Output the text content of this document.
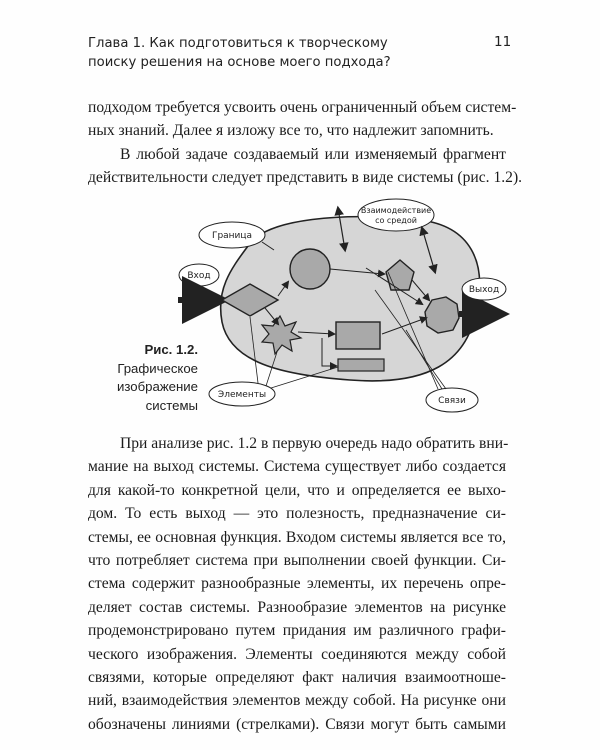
Глава 1. Как подготовиться к творческому
поиску решения на основе моего подхода?
11
подходом требуется усвоить очень ограниченный объем систем-
ных знаний. Далее я изложу все то, что надлежит запомнить.
В любой задаче создаваемый или изменяемый фрагмент
действительности следует представить в виде системы (рис. 1.2).
Рис. 1.2.
Графическое
изображение
системы
Граница
Вход
Выход
Взаимодействие
со средой
Элементы
Связи
При анализе рис. 1.2 в первую очередь надо обратить вни-
мание на выход системы. Система существует либо создается
для какой-то конкретной цели, что и определяется ее выхо-
дом. То есть выход — это полезность, предназначение си-
стемы, ее основная функция. Входом системы является все то,
что потребляет система при выполнении своей функции. Си-
стема содержит разнообразные элементы, их перечень опре-
деляет состав системы. Разнообразие элементов на рисунке
продемонстрировано путем придания им различного графи-
ческого изображения. Элементы соединяются между собой
связями, которые определяют факт наличия взаимоотноше-
ний, взаимодействия элементов между собой. На рисунке они
обозначены линиями (стрелками). Связи могут быть самыми
